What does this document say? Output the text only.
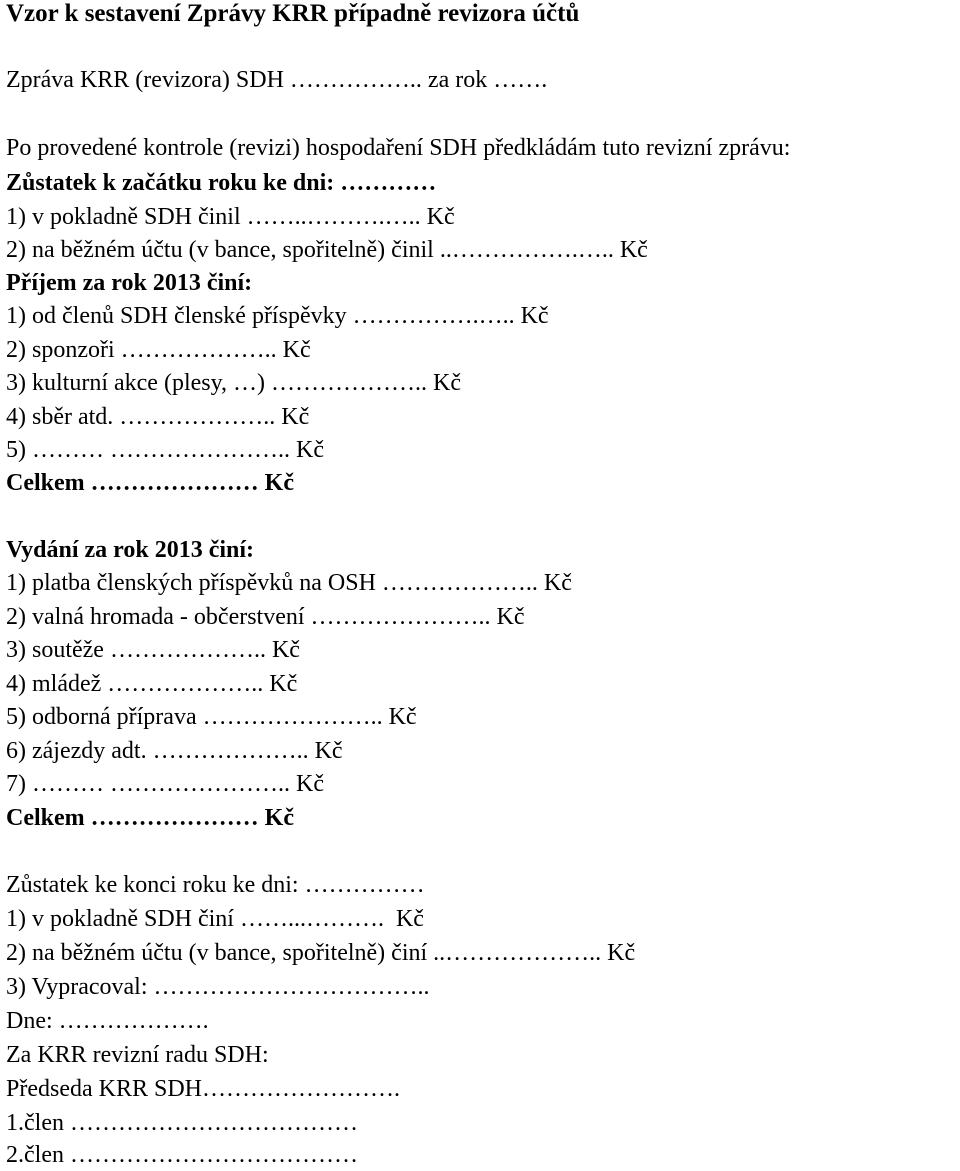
Vzor k sestavení Zprávy KRR případně revizora účtů
Zpráva KRR (revizora) SDH …………….. za rok …….
Po provedené kontrole (revizi) hospodaření SDH předkládám tuto revizní zprávu:
Zůstatek k začátku roku ke dni: …………
1) v pokladně SDH činil ……..……….….. Kč
2) na běžném účtu (v bance, spořitelně) činil ..…………….….. Kč
Příjem za rok 2013 činí:
1) od členů SDH členské příspěvky …………….….. Kč
2) sponzoři ……………….. Kč
3) kulturní akce (plesy, …) ……………….. Kč
4) sběr atd. ……………….. Kč
5) ……… ………………….. Kč
Celkem ………………… Kč
Vydání za rok 2013 činí:
1) platba členských příspěvků na OSH ……………….. Kč
2) valná hromada - občerstvení ………………….. Kč
3) soutěže ……………….. Kč
4) mládež ……………….. Kč
5) odborná příprava ………………….. Kč
6) zájezdy adt. ……………….. Kč
7) ……… ………………….. Kč
Celkem ………………… Kč
Zůstatek ke konci roku ke dni: ……………
1) v pokladně SDH činí ……...……….  Kč
2) na běžném účtu (v bance, spořitelně) činí ..……………….. Kč
3) Vypracoval: ……………………………..
Dne: ……………….
Za KRR revizní radu SDH:
Předseda KRR SDH…………………….
1.člen ………………………………
2.člen ………………………………
